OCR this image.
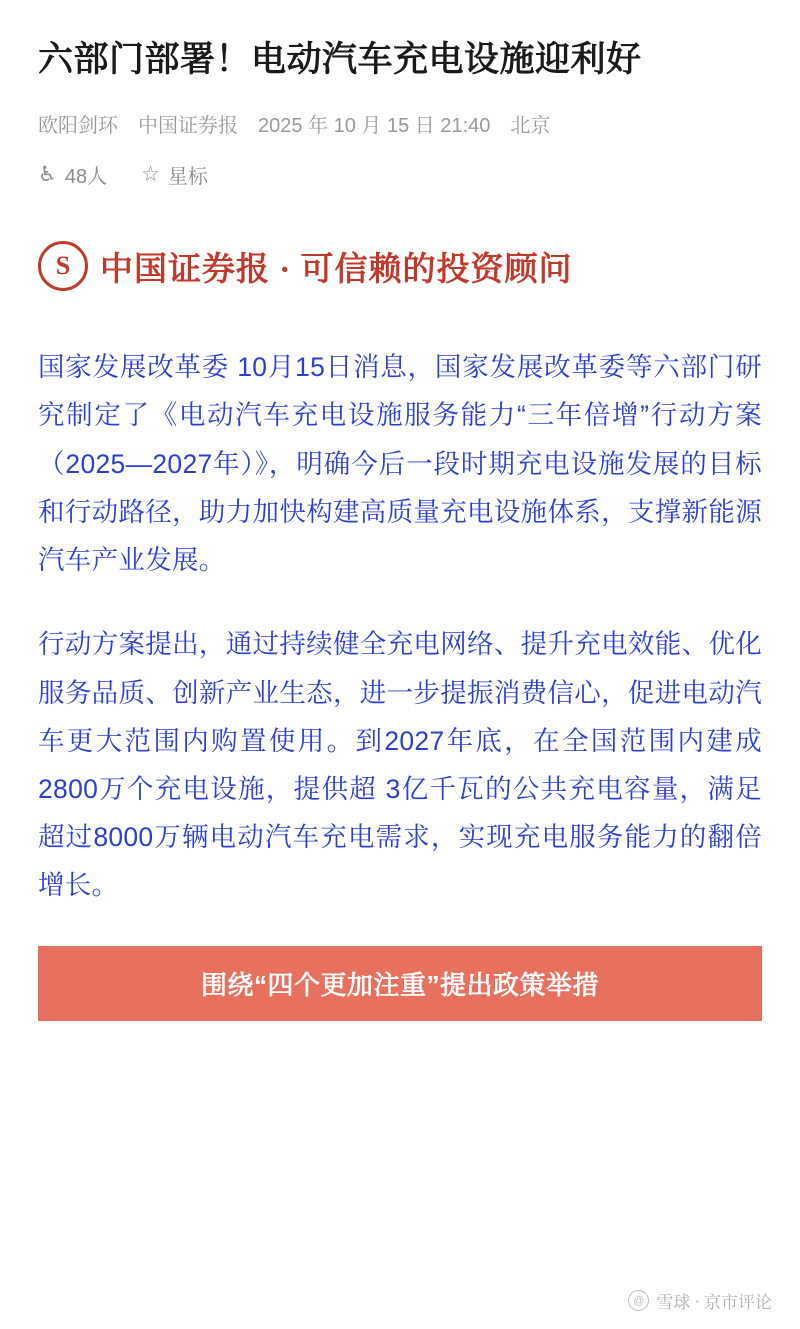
六部门部署！电动汽车充电设施迎利好
欧阳剑环 中国证券报 2025 年 10 月 15 日 21:40 北京
♿ 48人 ☆ 星标
S 中国证券报 · 可信赖的投资顾问

国家发展改革委 10月15日消息，国家发展改革委等六部门研究制定了《电动汽车充电设施服务能力“三年倍增”行动方案（2025—2027年）》，明确今后一段时期充电设施发展的目标和行动路径，助力加快构建高质量充电设施体系，支撑新能源汽车产业发展。

行动方案提出，通过持续健全充电网络、提升充电效能、优化服务品质、创新产业生态，进一步提振消费信心，促进电动汽车更大范围内购置使用。到2027年底，在全国范围内建成2800万个充电设施，提供超 3亿千瓦的公共充电容量，满足超过8000万辆电动汽车充电需求，实现充电服务能力的翻倍增长。

围绕“四个更加注重”提出政策举措
@ 雪球 · 京市评论
